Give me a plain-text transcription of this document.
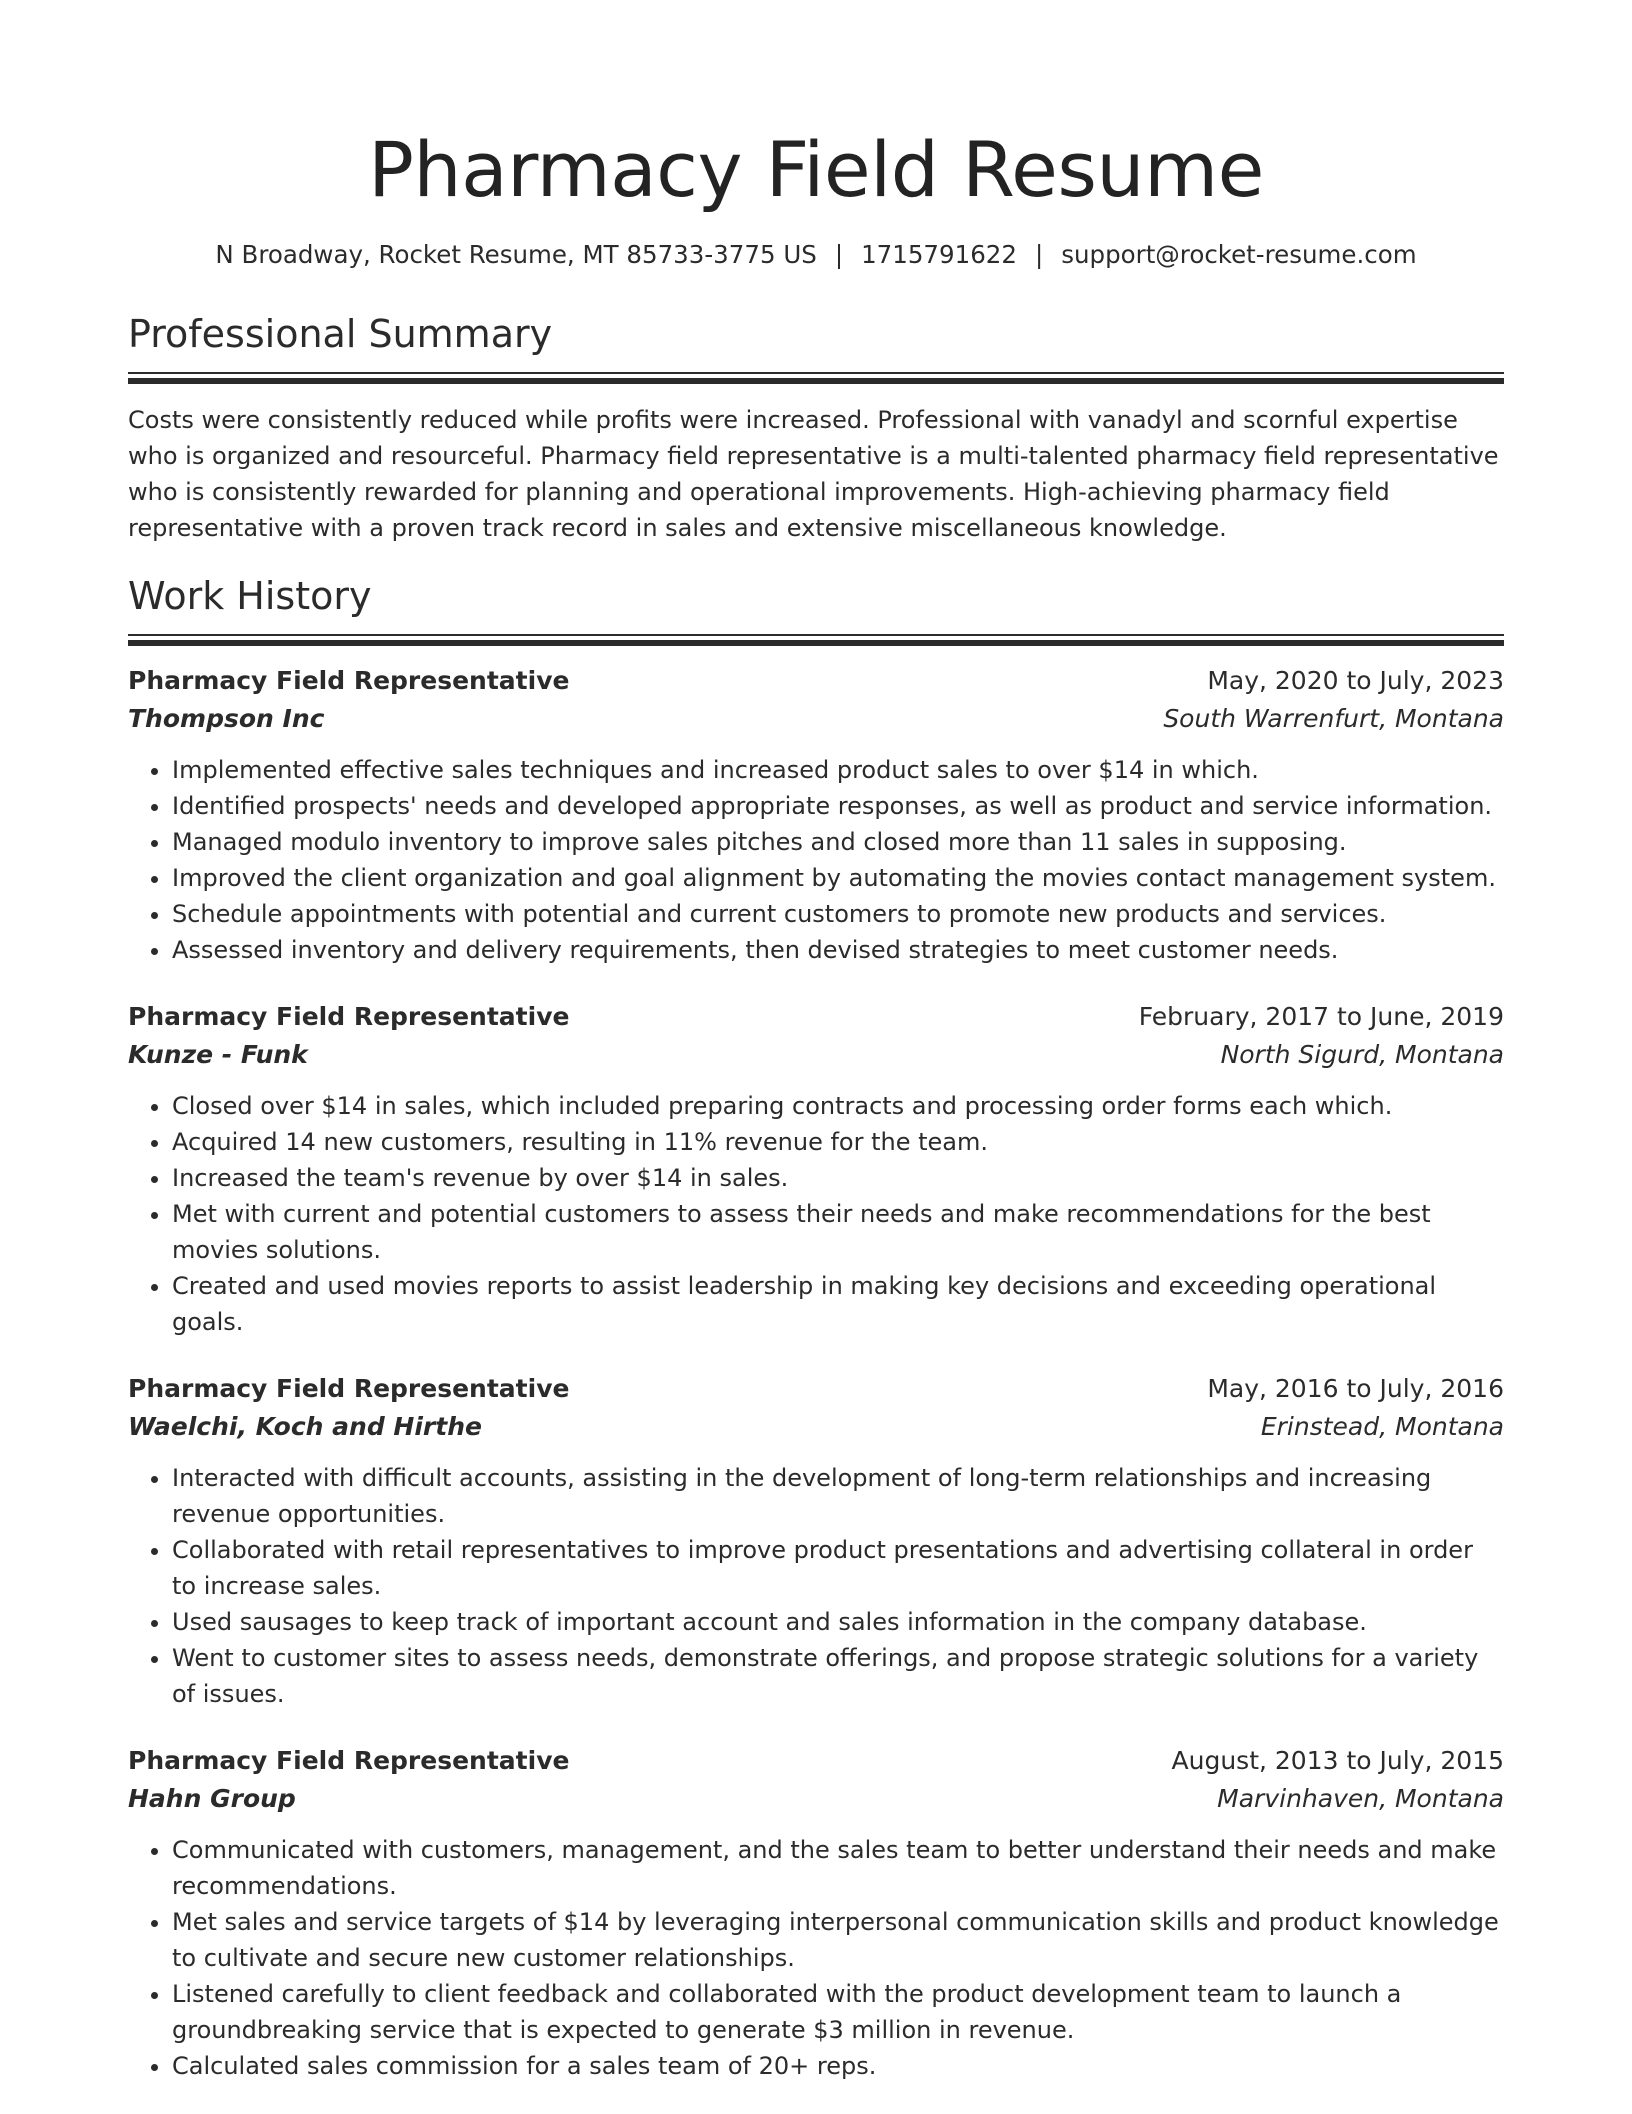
Pharmacy Field Resume
N Broadway, Rocket Resume, MT 85733-3775 US | 1715791622 | support@rocket-resume.com
Professional Summary

Costs were consistently reduced while profits were increased. Professional with vanadyl and scornful expertise who is organized and resourceful. Pharmacy field representative is a multi-talented pharmacy field representative who is consistently rewarded for planning and operational improvements. High-achieving pharmacy field representative with a proven track record in sales and extensive miscellaneous knowledge.

Work History
Pharmacy Field Representative	May, 2020 to July, 2023
Thompson Inc	South Warrenfurt, Montana
• Implemented effective sales techniques and increased product sales to over $14 in which.
• Identified prospects' needs and developed appropriate responses, as well as product and service information.
• Managed modulo inventory to improve sales pitches and closed more than 11 sales in supposing.
• Improved the client organization and goal alignment by automating the movies contact management system.
• Schedule appointments with potential and current customers to promote new products and services.
• Assessed inventory and delivery requirements, then devised strategies to meet customer needs.
Pharmacy Field Representative	February, 2017 to June, 2019
Kunze - Funk	North Sigurd, Montana
• Closed over $14 in sales, which included preparing contracts and processing order forms each which.
• Acquired 14 new customers, resulting in 11% revenue for the team.
• Increased the team's revenue by over $14 in sales.
• Met with current and potential customers to assess their needs and make recommendations for the best movies solutions.
• Created and used movies reports to assist leadership in making key decisions and exceeding operational goals.
Pharmacy Field Representative	May, 2016 to July, 2016
Waelchi, Koch and Hirthe	Erinstead, Montana
• Interacted with difficult accounts, assisting in the development of long-term relationships and increasing revenue opportunities.
• Collaborated with retail representatives to improve product presentations and advertising collateral in order to increase sales.
• Used sausages to keep track of important account and sales information in the company database.
• Went to customer sites to assess needs, demonstrate offerings, and propose strategic solutions for a variety of issues.
Pharmacy Field Representative	August, 2013 to July, 2015
Hahn Group	Marvinhaven, Montana
• Communicated with customers, management, and the sales team to better understand their needs and make recommendations.
• Met sales and service targets of $14 by leveraging interpersonal communication skills and product knowledge to cultivate and secure new customer relationships.
• Listened carefully to client feedback and collaborated with the product development team to launch a groundbreaking service that is expected to generate $3 million in revenue.
• Calculated sales commission for a sales team of 20+ reps.
